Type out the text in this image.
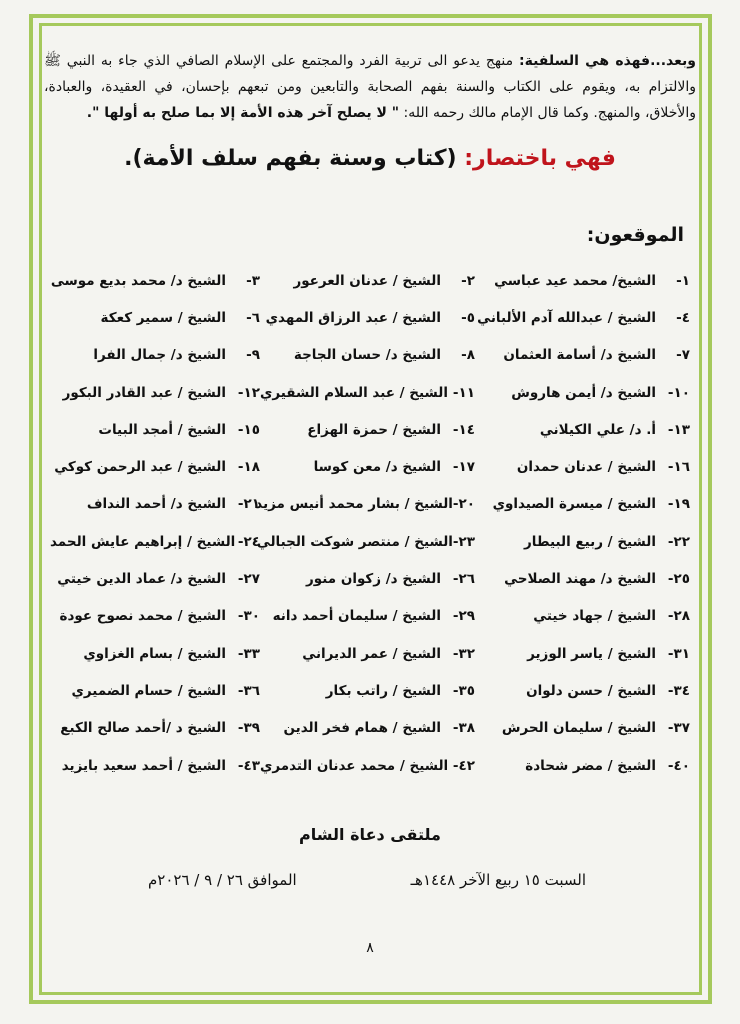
وبعد...فهذه هي السلفية: منهج يدعو الى تربية الفرد والمجتمع على الإسلام الصافي الذي جاء به النبي ﷺ والالتزام به، ويقوم على الكتاب والسنة بفهم الصحابة والتابعين ومن تبعهم بإحسان، في العقيدة، والعبادة، والأخلاق، والمنهج. وكما قال الإمام مالك رحمه الله: " لا يصلح آخر هذه الأمة إلا بما صلح به أولها ".

فهي باختصار: (كتاب وسنة بفهم سلف الأمة).
الموقعون:
١-
الشيخ/ محمد عيد عباسي
٢-
الشيخ / عدنان العرعور
٣-
الشيخ د/ محمد بديع موسى
٤-
الشيخ / عبدالله آدم الألباني
٥-
الشيخ / عبد الرزاق المهدي
٦-
الشيخ / سمير كعكة
٧-
الشيخ د/ أسامة العثمان
٨-
الشيخ د/ حسان الجاجة
٩-
الشيخ د/ جمال الفرا
١٠-
الشيخ د/ أيمن هاروش
١١-
الشيخ / عبد السلام الشقيري
١٢-
الشيخ / عبد القادر البكور
١٣-
أ. د/ علي الكيلاني
١٤-
الشيخ / حمزة الهزاع
١٥-
الشيخ / أمجد البيات
١٦-
الشيخ / عدنان حمدان
١٧-
الشيخ د/ معن كوسا
١٨-
الشيخ / عبد الرحمن كوكي
١٩-
الشيخ / ميسرة الصيداوي
٢٠-
الشيخ / بشار محمد أنيس مزيد
٢١-
الشيخ د/ أحمد النداف
٢٢-
الشيخ / ربيع البيطار
٢٣-
الشيخ / منتصر شوكت الجبالي
٢٤-
الشيخ / إبراهيم عايش الحمد
٢٥-
الشيخ د/ مهند الصلاحي
٢٦-
الشيخ د/ زكوان منور
٢٧-
الشيخ د/ عماد الدين خيتي
٢٨-
الشيخ / جهاد خيتي
٢٩-
الشيخ / سليمان أحمد دانه
٣٠-
الشيخ / محمد نصوح عودة
٣١-
الشيخ / ياسر الوزير
٣٢-
الشيخ / عمر الديراني
٣٣-
الشيخ / بسام الغزاوي
٣٤-
الشيخ / حسن دلوان
٣٥-
الشيخ / راتب بكار
٣٦-
الشيخ / حسام الضميري
٣٧-
الشيخ / سليمان الحرش
٣٨-
الشيخ / همام فخر الدين
٣٩-
الشيخ د /أحمد صالح الكبع
٤٠-
الشيخ / مضر شحادة
٤٢-
الشيخ / محمد عدنان التدمري
٤٣-
الشيخ / أحمد سعيد بايزيد
ملتقى دعاة الشام
السبت ١٥ ربيع الآخر ١٤٤٨هـ
الموافق ٢٦ / ٩ / ٢٠٢٦م
٨
